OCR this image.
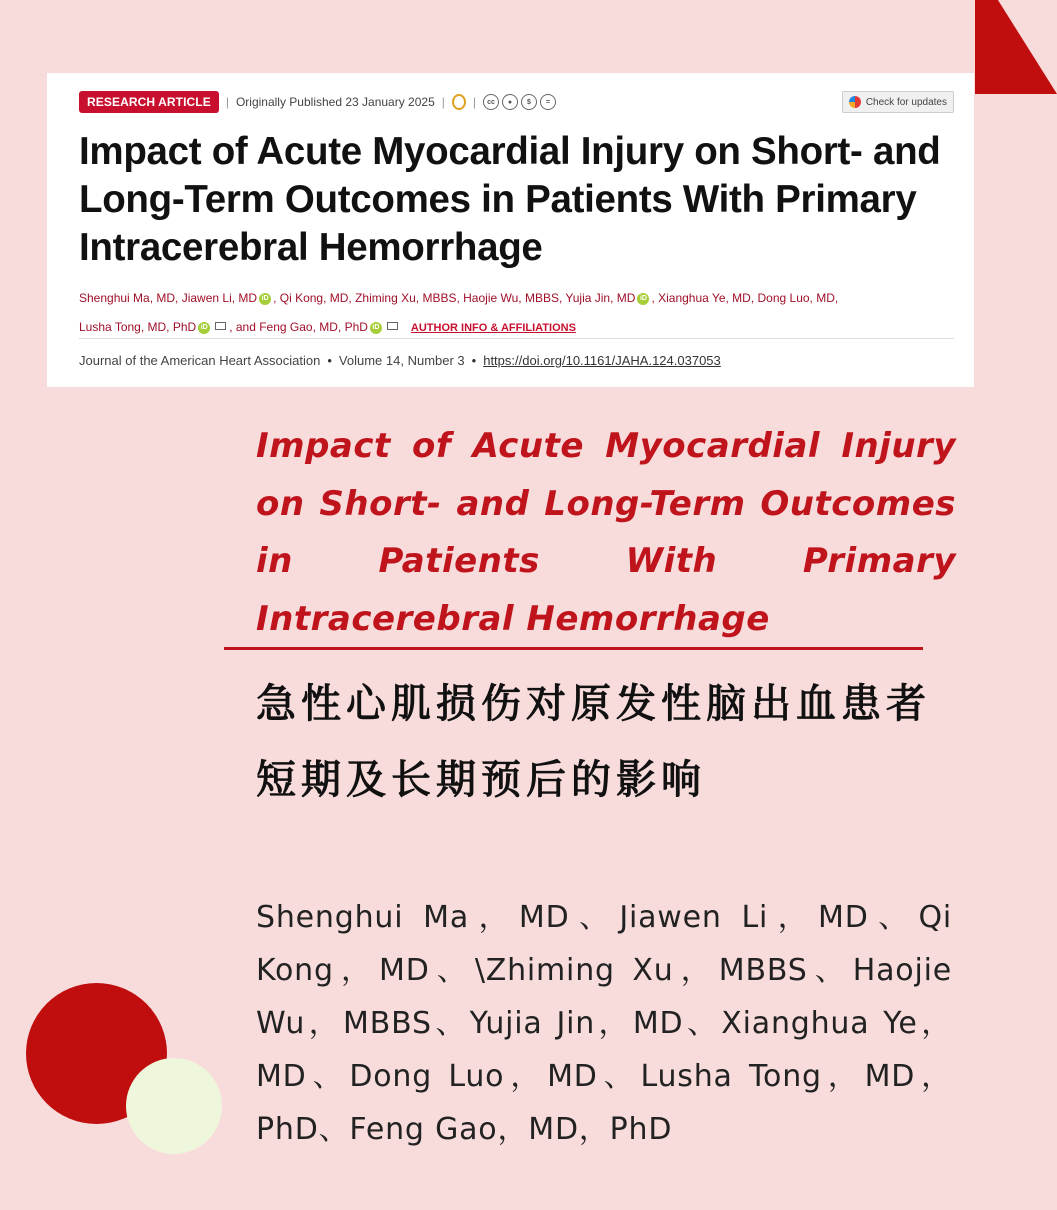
RESEARCH ARTICLE	| Originally Published 23 January 2025 | |	cc	●	$	=	Check for updates
Impact of Acute Myocardial Injury on Short- and Long-Term Outcomes in Patients With Primary Intracerebral Hemorrhage
Shenghui Ma, MD, Jiawen Li, MD iD , Qi Kong, MD, Zhiming Xu, MBBS, Haojie Wu, MBBS, Yujia Jin, MD iD , Xianghua Ye, MD, Dong Luo, MD,
Lusha Tong, MD, PhD iD , and Feng Gao, MD, PhD iD	AUTHOR INFO & AFFILIATIONS
Journal of the American Heart Association • Volume 14, Number 3 • https://doi.org/10.1161/JAHA.124.037053
Impact of Acute Myocardial Injury on Short- and Long-Term Outcomes in Patients With Primary Intracerebral Hemorrhage
急性心肌损伤对原发性脑出血患者短期及长期预后的影响
Shenghui Ma，MD、Jiawen Li，MD、Qi Kong，MD、\Zhiming Xu，MBBS、Haojie Wu，MBBS、Yujia Jin，MD、Xianghua Ye，MD、Dong Luo，MD、Lusha Tong，MD，PhD、Feng Gao，MD，PhD
